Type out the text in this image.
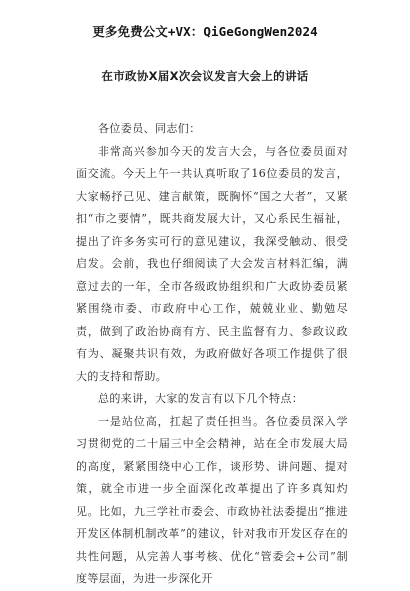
更多免费公文+VX：QiGeGongWen2024
在市政协X届X次会议发言大会上的讲话

各位委员、同志们：

非常高兴参加今天的发言大会，与各位委员面对面交流。今天上午一共认真听取了16位委员的发言，大家畅抒己见、建言献策，既胸怀“国之大者”，又紧扣“市之要情”，既共商发展大计，又心系民生福祉，提出了许多务实可行的意见建议，我深受触动、很受启发。会前，我也仔细阅读了大会发言材料汇编，满意过去的一年，全市各级政协组织和广大政协委员紧紧围绕市委、市政府中心工作，兢兢业业、勤勉尽责，做到了政治协商有方、民主监督有力、参政议政有为、凝聚共识有效，为政府做好各项工作提供了很大的支持和帮助。

总的来讲，大家的发言有以下几个特点：

一是站位高，扛起了责任担当。各位委员深入学习贯彻党的二十届三中全会精神，站在全市发展大局的高度，紧紧围绕中心工作，谈形势、讲问题、提对策，就全市进一步全面深化改革提出了许多真知灼见。比如，九三学社市委会、市政协社法委提出“推进开发区体制机制改革”的建议，针对我市开发区存在的共性问题，从完善人事考核、优化“管委会+公司”制度等层面，为进一步深化开
